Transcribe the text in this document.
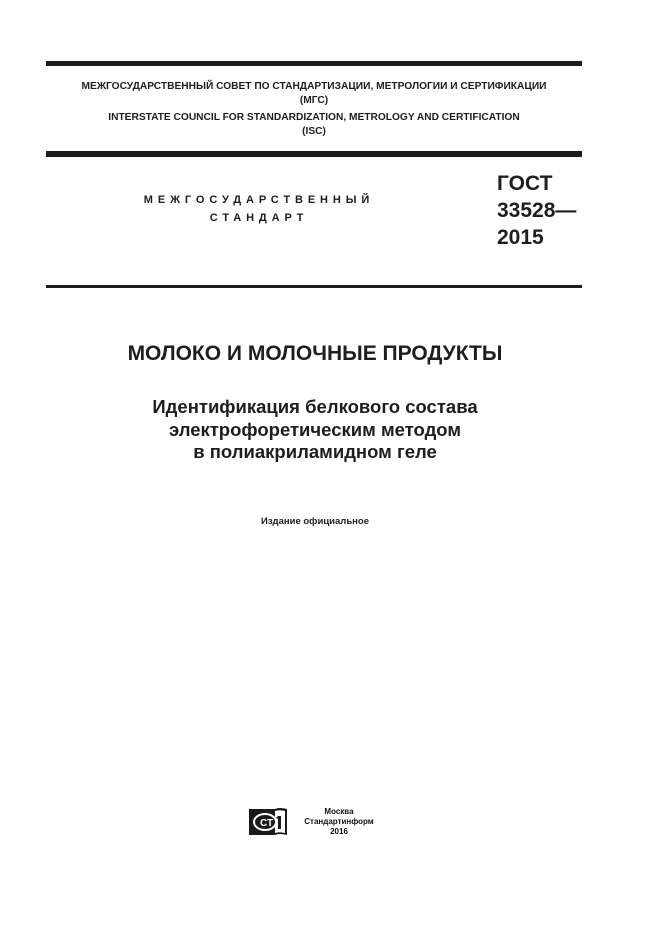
МЕЖГОСУДАРСТВЕННЫЙ СОВЕТ ПО СТАНДАРТИЗАЦИИ, МЕТРОЛОГИИ И СЕРТИФИКАЦИИ
(МГС)
INTERSTATE COUNCIL FOR STANDARDIZATION, METROLOGY AND CERTIFICATION
(ISC)
МЕЖГОСУДАРСТВЕННЫЙ
СТАНДАРТ
ГОСТ
33528—
2015
МОЛОКО И МОЛОЧНЫЕ ПРОДУКТЫ
Идентификация белкового состава
электрофоретическим методом
в полиакриламидном геле
Издание официальное
СТ
Москва
Стандартинформ
2016
